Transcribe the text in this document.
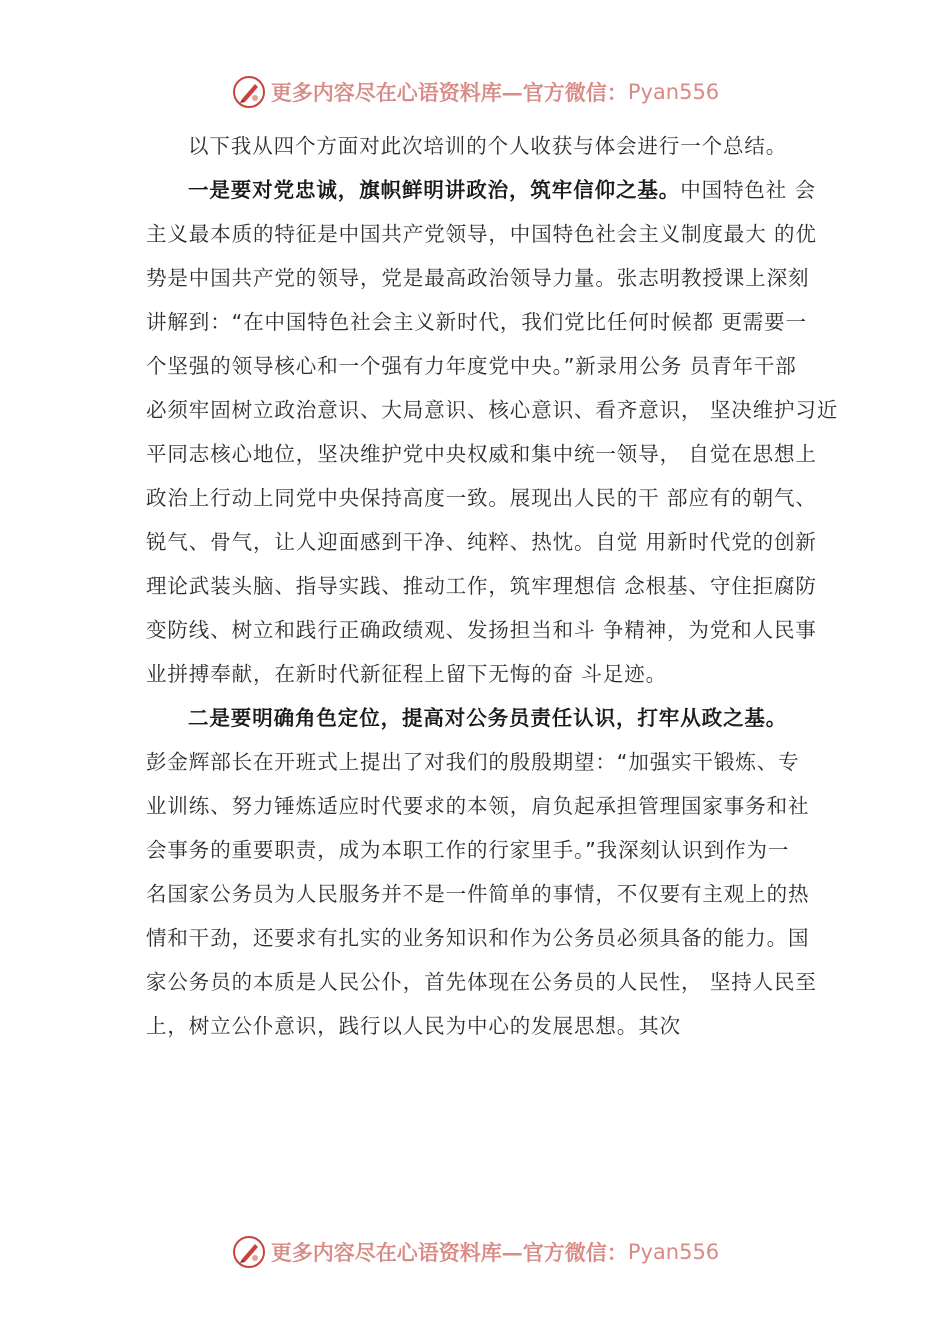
更多内容尽在心语资料库—官方微信： Pyan556
以下我从四个方面对此次培训的个人收获与体会进行一个总结。
一是要对党忠诚，旗帜鲜明讲政治，筑牢信仰之基。中国特色社 会
主义最本质的特征是中国共产党领导，中国特色社会主义制度最大 的优
势是中国共产党的领导，党是最高政治领导力量。张志明教授课上深刻
讲解到：“在中国特色社会主义新时代，我们党比任何时候都 更需要一
个坚强的领导核心和一个强有力年度党中央。”新录用公务 员青年干部
必须牢固树立政治意识、大局意识、核心意识、看齐意识， 坚决维护习近
平同志核心地位，坚决维护党中央权威和集中统一领导， 自觉在思想上
政治上行动上同党中央保持高度一致。展现出人民的干 部应有的朝气、
锐气、骨气，让人迎面感到干净、纯粹、热忱。自觉 用新时代党的创新
理论武装头脑、指导实践、推动工作，筑牢理想信 念根基、守住拒腐防
变防线、树立和践行正确政绩观、发扬担当和斗 争精神，为党和人民事
业拼搏奉献，在新时代新征程上留下无悔的奋 斗足迹。
二是要明确角色定位，提高对公务员责任认识，打牢从政之基。
彭金辉部长在开班式上提出了对我们的殷殷期望：“加强实干锻炼、专
业训练、努力锤炼适应时代要求的本领，肩负起承担管理国家事务和社
会事务的重要职责，成为本职工作的行家里手。”我深刻认识到作为一
名国家公务员为人民服务并不是一件简单的事情，不仅要有主观上的热
情和干劲，还要求有扎实的业务知识和作为公务员必须具备的能力。国
家公务员的本质是人民公仆，首先体现在公务员的人民性， 坚持人民至
上，树立公仆意识，践行以人民为中心的发展思想。其次
更多内容尽在心语资料库—官方微信： Pyan556
